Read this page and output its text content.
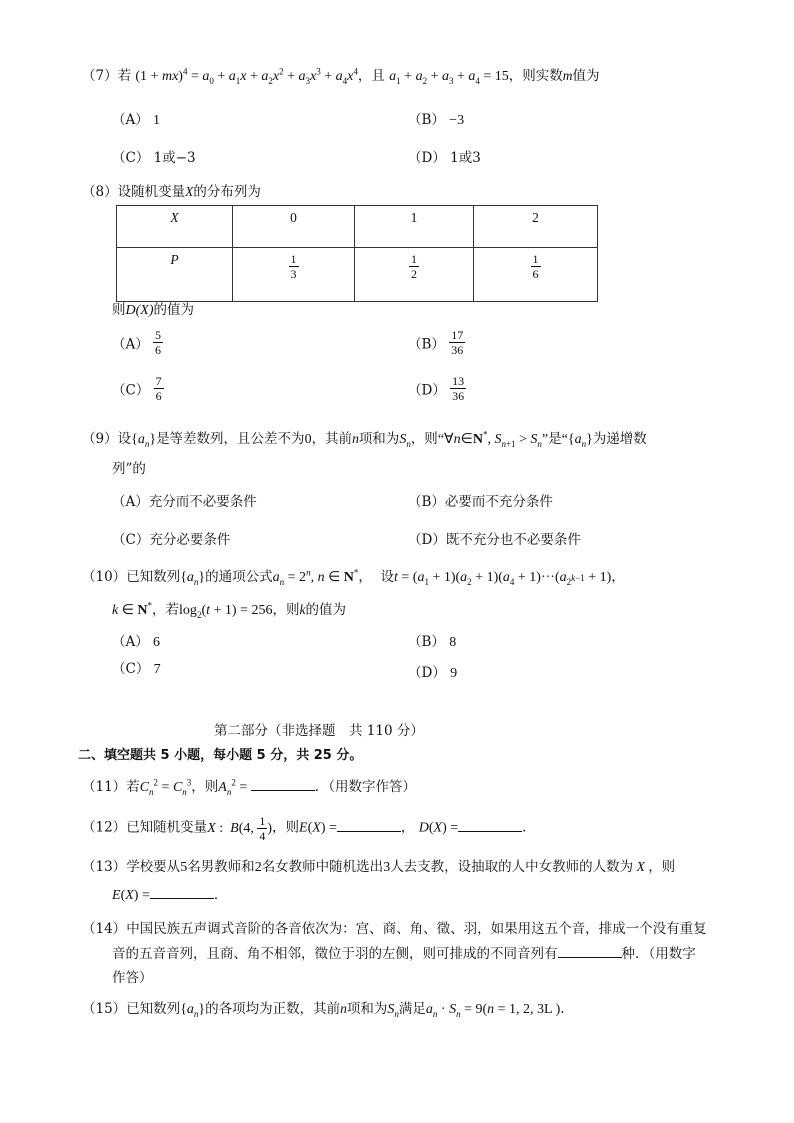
（7）若 $(1 + mx)^4 = a_0 + a_1x + a_2x^2 + a_3x^3 + a_4x^4$，且 $a_1 + a_2 + a_3 + a_4 = 15$，则实数m值为
（A） 1	（B） −3
（C） 1或−3	（D） 1或3
（8）设随机变量X的分布列为
X	0	1	2
P	$\frac{1}{3}$	$\frac{1}{2}$	$\frac{1}{6}$
则D(X)的值为
$(A) \frac{5}{6}$	$(B) \frac{17}{36}$
$(C) \frac{7}{6}$	$(D) \frac{13}{36}$
（9）设$\{a_n\}$是等差数列，且公差不为0，其前n项和为$S_n$，则“∀n∈N*, $S_{n+1} > S_n$”是“$\{a_n\}$为递增数
列”的
（A）充分而不必要条件	（B）必要而不充分条件
（C）充分必要条件	（D）既不充分也不必要条件
（10）已知数列$\{a_n\}$的通项公式$a_n = 2^n$, n ∈ N*，  设$t = (a_1 + 1)(a_2 + 1)(a_4 + 1)\cdot\cdot\cdot(a_{2^{k-1}} + 1)$，
k ∈ N*，若$\log_2(t + 1) = 256$，则k的值为
（A） 6	（B） 8
（C） 7	（D） 9
第二部分（非选择题　共 110 分）
二、填空题共 5 小题，每小题 5 分，共 25 分。
（11）若$C_n^2 = C_n^3$，则$A_n^2$ =	．（用数字作答）
（12）已知随机变量X :  B(4, $\frac{1}{4}$ )，则E(X) =	， D(X) =	．
（13）学校要从5名男教师和2名女教师中随机选出3人去支教，设抽取的人中女教师的人数为 X ，则
E(X) =	．
（14）中国民族五声调式音阶的各音依次为：宫、商、角、徵、羽，如果用这五个音，排成一个没有重复
音的五音音列，且商、角不相邻，徵位于羽的左侧，则可排成的不同音列有	种．（用数字
作答）
（15）已知数列$\{a_n\}$的各项均为正数，其前n项和为$S_n$满足$a_n \cdot S_n = 9(n = 1$, 2, 3L ).
